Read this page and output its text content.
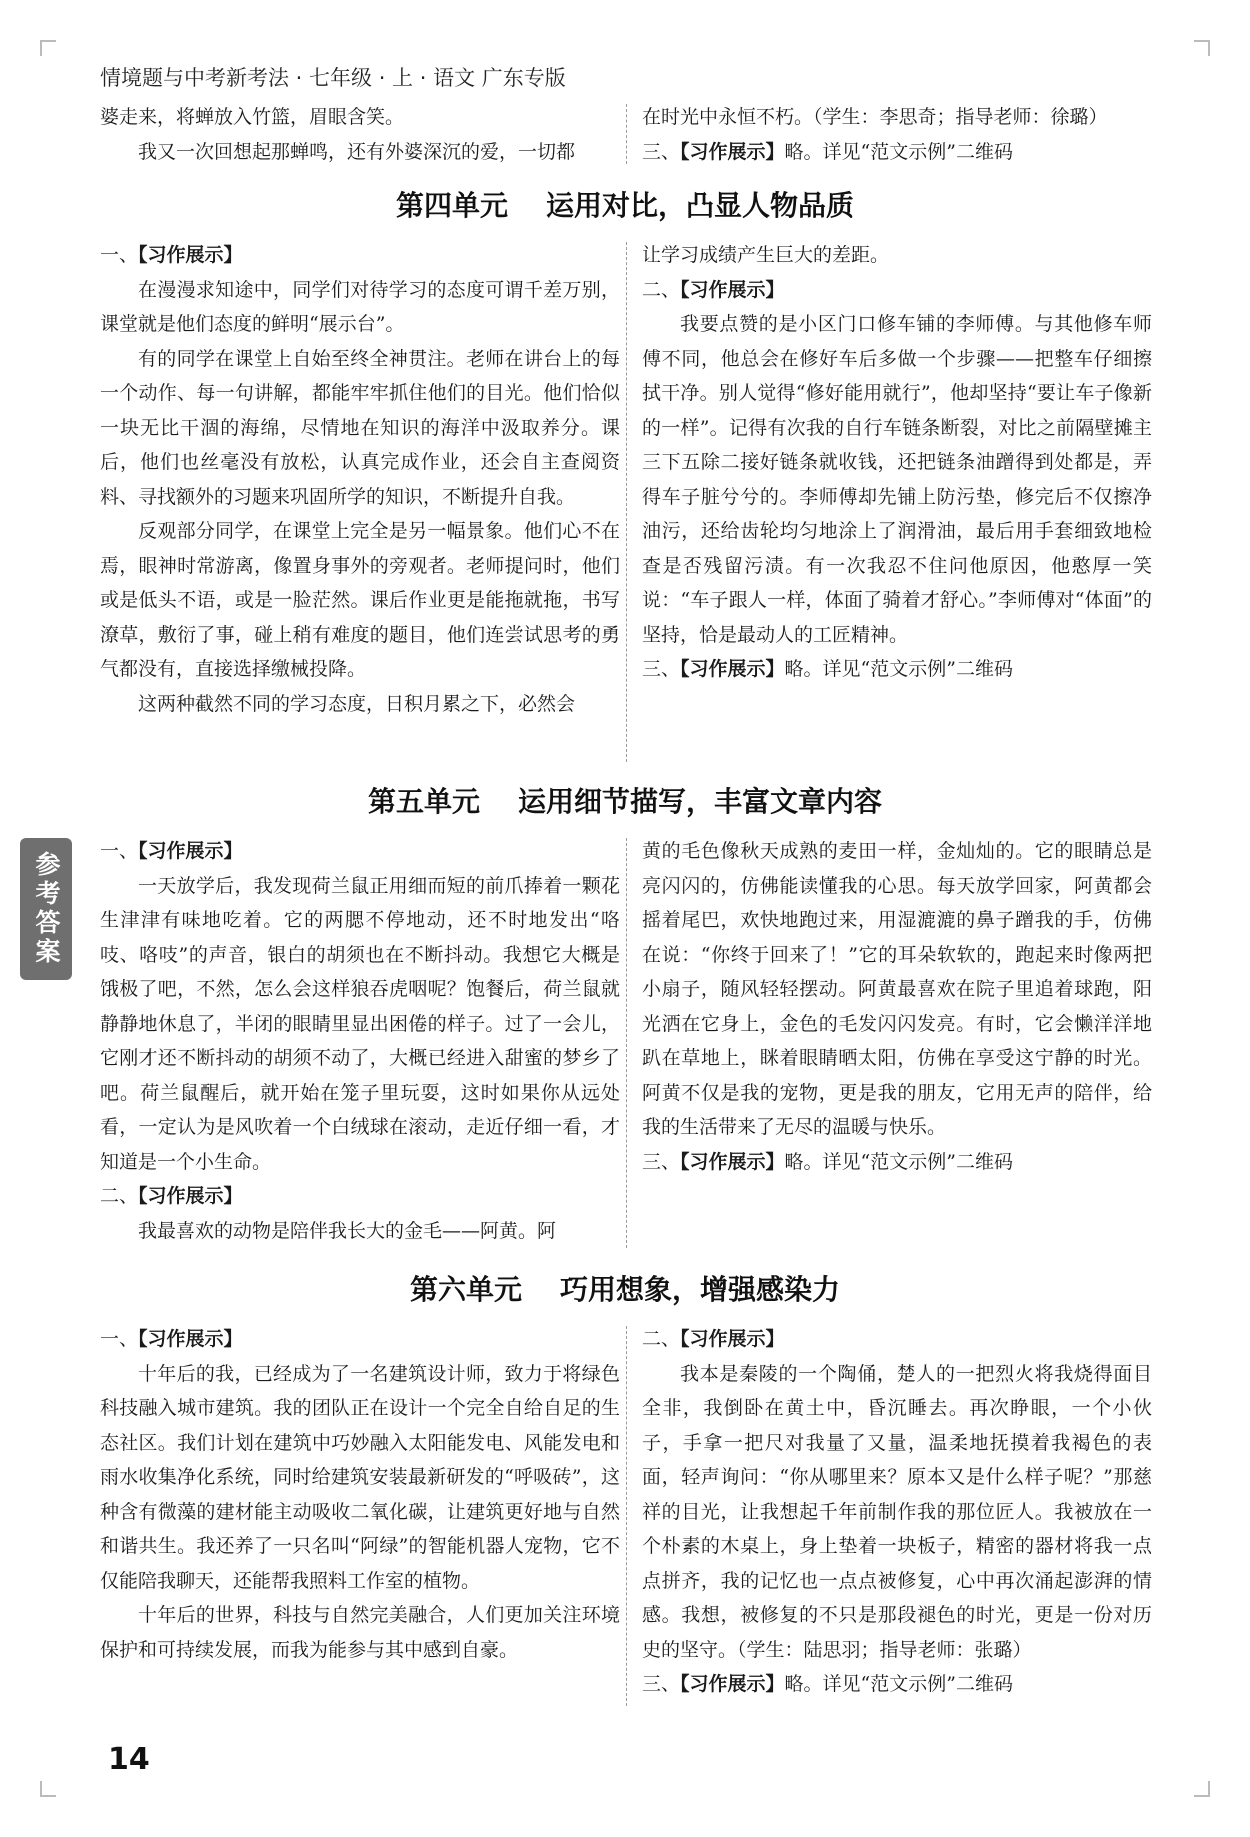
情境题与中考新考法 · 七年级 · 上 · 语文 广东专版

婆走来，将蝉放入竹篮，眉眼含笑。

我又一次回想起那蝉鸣，还有外婆深沉的爱，一切都

在时光中永恒不朽。（学生：李思奇；指导老师：徐璐）

三、【习作展示】略。详见“范文示例”二维码

第四单元 运用对比，凸显人物品质

一、【习作展示】

在漫漫求知途中，同学们对待学习的态度可谓千差万别，课堂就是他们态度的鲜明“展示台”。

有的同学在课堂上自始至终全神贯注。老师在讲台上的每一个动作、每一句讲解，都能牢牢抓住他们的目光。他们恰似一块无比干涸的海绵，尽情地在知识的海洋中汲取养分。课后，他们也丝毫没有放松，认真完成作业，还会自主查阅资料、寻找额外的习题来巩固所学的知识，不断提升自我。

反观部分同学，在课堂上完全是另一幅景象。他们心不在焉，眼神时常游离，像置身事外的旁观者。老师提问时，他们或是低头不语，或是一脸茫然。课后作业更是能拖就拖，书写潦草，敷衍了事，碰上稍有难度的题目，他们连尝试思考的勇气都没有，直接选择缴械投降。

这两种截然不同的学习态度，日积月累之下，必然会

让学习成绩产生巨大的差距。

二、【习作展示】

我要点赞的是小区门口修车铺的李师傅。与其他修车师傅不同，他总会在修好车后多做一个步骤——把整车仔细擦拭干净。别人觉得“修好能用就行”，他却坚持“要让车子像新的一样”。记得有次我的自行车链条断裂，对比之前隔壁摊主三下五除二接好链条就收钱，还把链条油蹭得到处都是，弄得车子脏兮兮的。李师傅却先铺上防污垫，修完后不仅擦净油污，还给齿轮均匀地涂上了润滑油，最后用手套细致地检查是否残留污渍。有一次我忍不住问他原因，他憨厚一笑说：“车子跟人一样，体面了骑着才舒心。”李师傅对“体面”的坚持，恰是最动人的工匠精神。

三、【习作展示】略。详见“范文示例”二维码

第五单元 运用细节描写，丰富文章内容

一、【习作展示】

一天放学后，我发现荷兰鼠正用细而短的前爪捧着一颗花生津津有味地吃着。它的两腮不停地动，还不时地发出“咯吱、咯吱”的声音，银白的胡须也在不断抖动。我想它大概是饿极了吧，不然，怎么会这样狼吞虎咽呢？饱餐后，荷兰鼠就静静地休息了，半闭的眼睛里显出困倦的样子。过了一会儿，它刚才还不断抖动的胡须不动了，大概已经进入甜蜜的梦乡了吧。荷兰鼠醒后，就开始在笼子里玩耍，这时如果你从远处看，一定认为是风吹着一个白绒球在滚动，走近仔细一看，才知道是一个小生命。

二、【习作展示】

我最喜欢的动物是陪伴我长大的金毛——阿黄。阿

黄的毛色像秋天成熟的麦田一样，金灿灿的。它的眼睛总是亮闪闪的，仿佛能读懂我的心思。每天放学回家，阿黄都会摇着尾巴，欢快地跑过来，用湿漉漉的鼻子蹭我的手，仿佛在说：“你终于回来了！”它的耳朵软软的，跑起来时像两把小扇子，随风轻轻摆动。阿黄最喜欢在院子里追着球跑，阳光洒在它身上，金色的毛发闪闪发亮。有时，它会懒洋洋地趴在草地上，眯着眼睛晒太阳，仿佛在享受这宁静的时光。阿黄不仅是我的宠物，更是我的朋友，它用无声的陪伴，给我的生活带来了无尽的温暖与快乐。

三、【习作展示】略。详见“范文示例”二维码

第六单元 巧用想象，增强感染力

一、【习作展示】

十年后的我，已经成为了一名建筑设计师，致力于将绿色科技融入城市建筑。我的团队正在设计一个完全自给自足的生态社区。我们计划在建筑中巧妙融入太阳能发电、风能发电和雨水收集净化系统，同时给建筑安装最新研发的“呼吸砖”，这种含有微藻的建材能主动吸收二氧化碳，让建筑更好地与自然和谐共生。我还养了一只名叫“阿绿”的智能机器人宠物，它不仅能陪我聊天，还能帮我照料工作室的植物。

十年后的世界，科技与自然完美融合，人们更加关注环境保护和可持续发展，而我为能参与其中感到自豪。

二、【习作展示】

我本是秦陵的一个陶俑，楚人的一把烈火将我烧得面目全非，我倒卧在黄土中，昏沉睡去。再次睁眼，一个小伙子，手拿一把尺对我量了又量，温柔地抚摸着我褐色的表面，轻声询问：“你从哪里来？原本又是什么样子呢？”那慈祥的目光，让我想起千年前制作我的那位匠人。我被放在一个朴素的木桌上，身上垫着一块板子，精密的器材将我一点点拼齐，我的记忆也一点点被修复，心中再次涌起澎湃的情感。我想，被修复的不只是那段褪色的时光，更是一份对历史的坚守。（学生：陆思羽；指导老师：张璐）

三、【习作展示】略。详见“范文示例”二维码

参考答案
14
